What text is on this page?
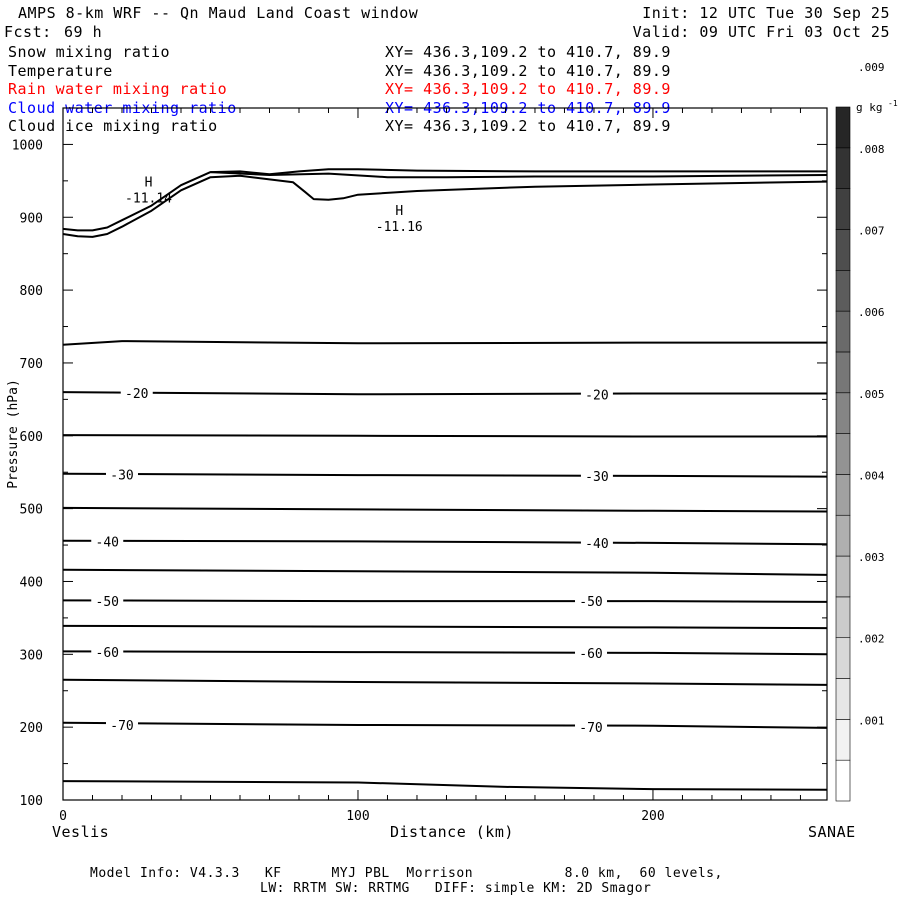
AMPS 8-km WRF -- Qn Maud Land Coast window
Fcst: 69 h
Init: 12 UTC Tue 30 Sep 25
Valid: 09 UTC Fri 03 Oct 25
Snow mixing ratio	XY= 436.3,109.2 to 410.7, 89.9
Temperature	XY= 436.3,109.2 to 410.7, 89.9
Rain water mixing ratio	XY= 436.3,109.2 to 410.7, 89.9
Cloud water mixing ratio	XY= 436.3,109.2 to 410.7, 89.9
Cloud ice mixing ratio	XY= 436.3,109.2 to 410.7, 89.9
100
200
300
400
500
600
700
800
900
1000
0	100	200
Pressure (hPa)
-70	-70
-60	-60
-50	-50
-40	-40
-30	-30
-20	-20
H
-11.14
H
-11.16
.001
.002
.003
.004
.005
.006
.007
.008
.009
g kg -1
Veslis	Distance (km)	SANAE
Model Info: V4.3.3   KF      MYJ PBL  Morrison           8.0 km,  60 levels,
LW: RRTM SW: RRTMG   DIFF: simple KM: 2D Smagor
